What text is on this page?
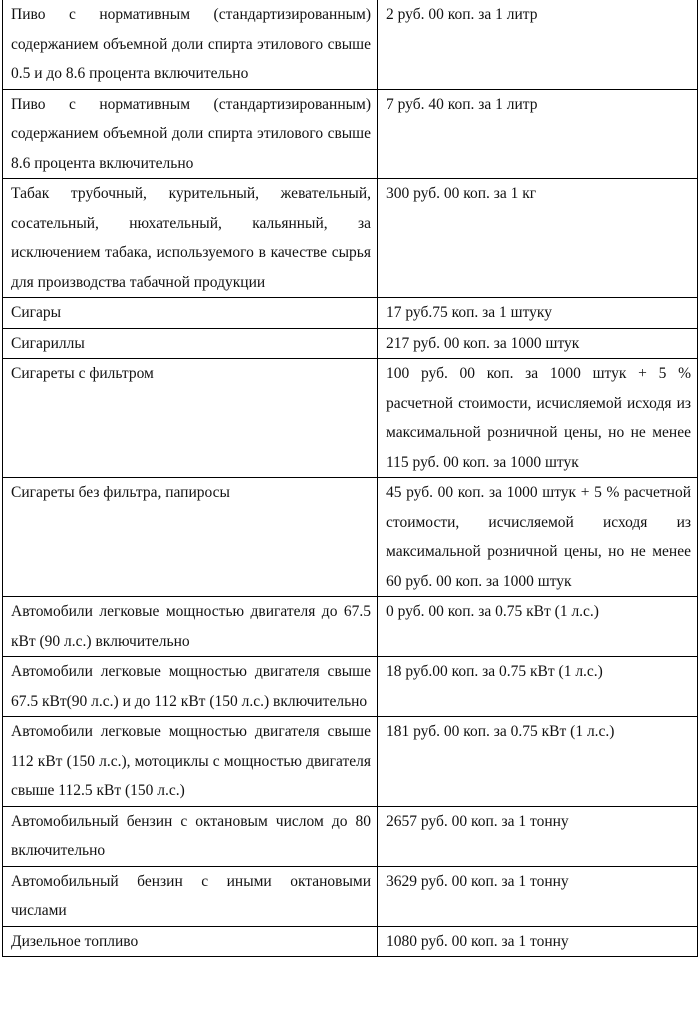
Пиво с нормативным (стандартизированным) содержанием объемной доли спирта этилового свыше 0.5 и до 8.6 процента включительно	2 руб. 00 коп. за 1 литр
Пиво с нормативным (стандартизированным) содержанием объемной доли спирта этилового свыше 8.6 процента включительно	7 руб. 40 коп. за 1 литр
Табак трубочный, курительный, жевательный, сосательный, нюхательный, кальянный, за исключением табака, используемого в качестве сырья для производства табачной продукции	300 руб. 00 коп. за 1 кг
Сигары	17 руб.75 коп. за 1 штуку
Сигариллы	217 руб. 00 коп. за 1000 штук
Сигареты с фильтром	100 руб. 00 коп. за 1000 штук + 5 % расчетной стоимости, исчисляемой исходя из максимальной розничной цены, но не менее 115 руб. 00 коп. за 1000 штук
Сигареты без фильтра, папиросы	45 руб. 00 коп. за 1000 штук + 5 % расчетной стоимости, исчисляемой исходя из максимальной розничной цены, но не менее 60 руб. 00 коп. за 1000 штук
Автомобили легковые мощностью двигателя до 67.5 кВт (90 л.с.) включительно	0 руб. 00 коп. за 0.75 кВт (1 л.с.)
Автомобили легковые мощностью двигателя свыше 67.5 кВт(90 л.с.) и до 112 кВт (150 л.с.) включительно	18 руб.00 коп. за 0.75 кВт (1 л.с.)
Автомобили легковые мощностью двигателя свыше 112 кВт (150 л.с.), мотоциклы с мощностью двигателя свыше 112.5 кВт (150 л.с.)	181 руб. 00 коп. за 0.75 кВт (1 л.с.)
Автомобильный бензин с октановым числом до 80 включительно	2657 руб. 00 коп. за 1 тонну
Автомобильный бензин с иными октановыми числами	3629 руб. 00 коп. за 1 тонну
Дизельное топливо	1080 руб. 00 коп. за 1 тонну
